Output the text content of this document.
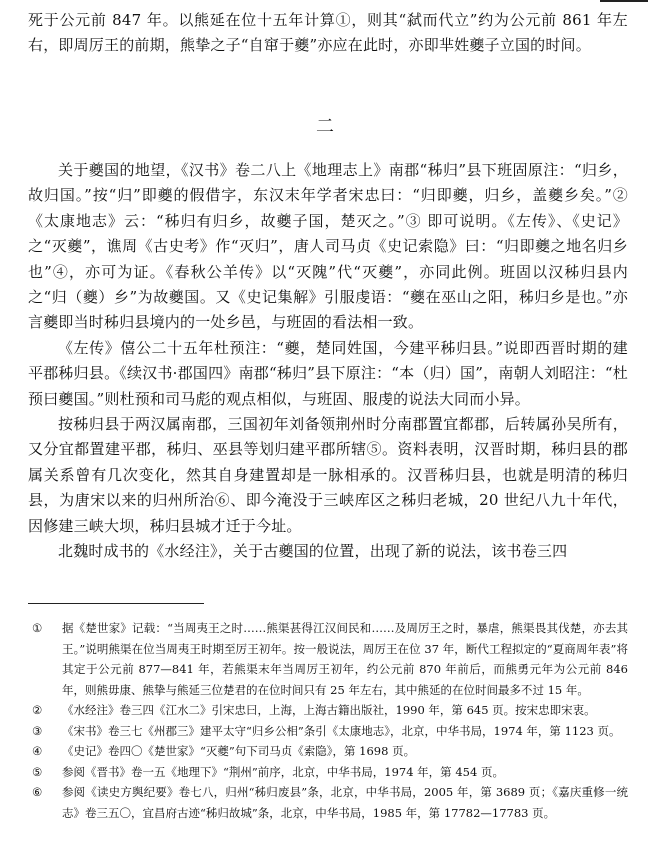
死于公元前 847 年。以熊延在位十五年计算①，则其“弑而代立”约为公元前 861 年左右，即周厉王的前期，熊挚之子“自窜于夔”亦应在此时，亦即芈姓夔子立国的时间。

二

关于夔国的地望，《汉书》卷二八上《地理志上》南郡“秭归”县下班固原注：“归乡，故归国。”按“归”即夔的假借字，东汉末年学者宋忠曰：“归即夔，归乡，盖夔乡矣。”②《太康地志》云：“秭归有归乡，故夔子国，楚灭之。”③ 即可说明。《左传》、《史记》之“灭夔”，谯周《古史考》作“灭归”，唐人司马贞《史记索隐》曰：“归即夔之地名归乡也”④，亦可为证。《春秋公羊传》以“灭隗”代“灭夔”，亦同此例。班固以汉秭归县内之“归（夔）乡”为故夔国。又《史记集解》引服虔语：“夔在巫山之阳，秭归乡是也。”亦言夔即当时秭归县境内的一处乡邑，与班固的看法相一致。

《左传》僖公二十五年杜预注：“夔，楚同姓国，今建平秭归县。”说即西晋时期的建平郡秭归县。《续汉书·郡国四》南郡“秭归”县下原注：“本（归）国”，南朝人刘昭注：“杜预曰夔国。”则杜预和司马彪的观点相似，与班固、服虔的说法大同而小异。

按秭归县于两汉属南郡，三国初年刘备领荆州时分南郡置宜都郡，后转属孙吴所有，又分宜都置建平郡，秭归、巫县等划归建平郡所辖⑤。资料表明，汉晋时期，秭归县的郡属关系曾有几次变化，然其自身建置却是一脉相承的。汉晋秭归县，也就是明清的秭归县，为唐宋以来的归州所治⑥、即今淹没于三峡库区之秭归老城，20 世纪八九十年代，因修建三峡大坝，秭归县城才迁于今址。

北魏时成书的《水经注》，关于古夔国的位置，出现了新的说法，该书卷三四

①	据《楚世家》记载：“当周夷王之时……熊渠甚得江汉间民和……及周厉王之时，暴虐，熊渠畏其伐楚，亦去其王。”说明熊渠在位当周夷王时期至厉王初年。按一般说法，周厉王在位 37 年，断代工程拟定的“夏商周年表”将其定于公元前 877—841 年，若熊渠末年当周厉王初年，约公元前 870 年前后，而熊勇元年为公元前 846 年，则熊毋康、熊挚与熊延三位楚君的在位时间只有 25 年左右，其中熊延的在位时间最多不过 15 年。
②	《水经注》卷三四《江水二》引宋忠曰，上海，上海古籍出版社，1990 年，第 645 页。按宋忠即宋衷。
③	《宋书》卷三七《州郡三》建平太守“归乡公相”条引《太康地志》，北京，中华书局，1974 年，第 1123 页。
④	《史记》卷四〇《楚世家》“灭夔”句下司马贞《索隐》，第 1698 页。
⑤	参阅《晋书》卷一五《地理下》“荆州”前序，北京，中华书局，1974 年，第 454 页。
⑥	参阅《读史方舆纪要》卷七八，归州“秭归废县”条，北京，中华书局，2005 年，第 3689 页；《嘉庆重修一统志》卷三五〇，宜昌府古迹“秭归故城”条，北京，中华书局，1985 年，第 17782—17783 页。
